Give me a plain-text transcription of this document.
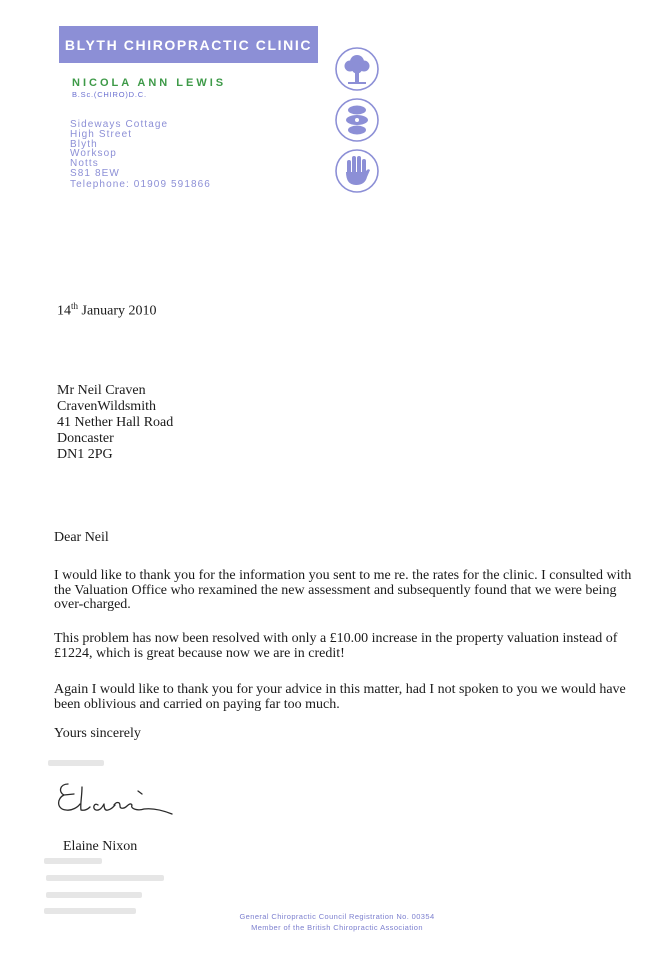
BLYTH CHIROPRACTIC CLINIC
NICOLA ANN LEWIS
B.Sc.(CHIRO)D.C.
Sideways Cottage
High Street
Blyth
Worksop
Notts
S81 8EW
Telephone: 01909 591866
14th January 2010
Mr Neil Craven
CravenWildsmith
41 Nether Hall Road
Doncaster
DN1 2PG
Dear Neil
I would like to thank you for the information you sent to me re. the rates for the clinic. I consulted with the Valuation Office who rexamined the new assessment and subsequently found that we were being over-charged.
This problem has now been resolved with only a £10.00 increase in the property valuation instead of £1224, which is great because now we are in credit!
Again I would like to thank you for your advice in this matter, had I not spoken to you we would have been oblivious and carried on paying far too much.
Yours sincerely
Elaine Nixon
General Chiropractic Council Registration No. 00354
Member of the British Chiropractic Association
